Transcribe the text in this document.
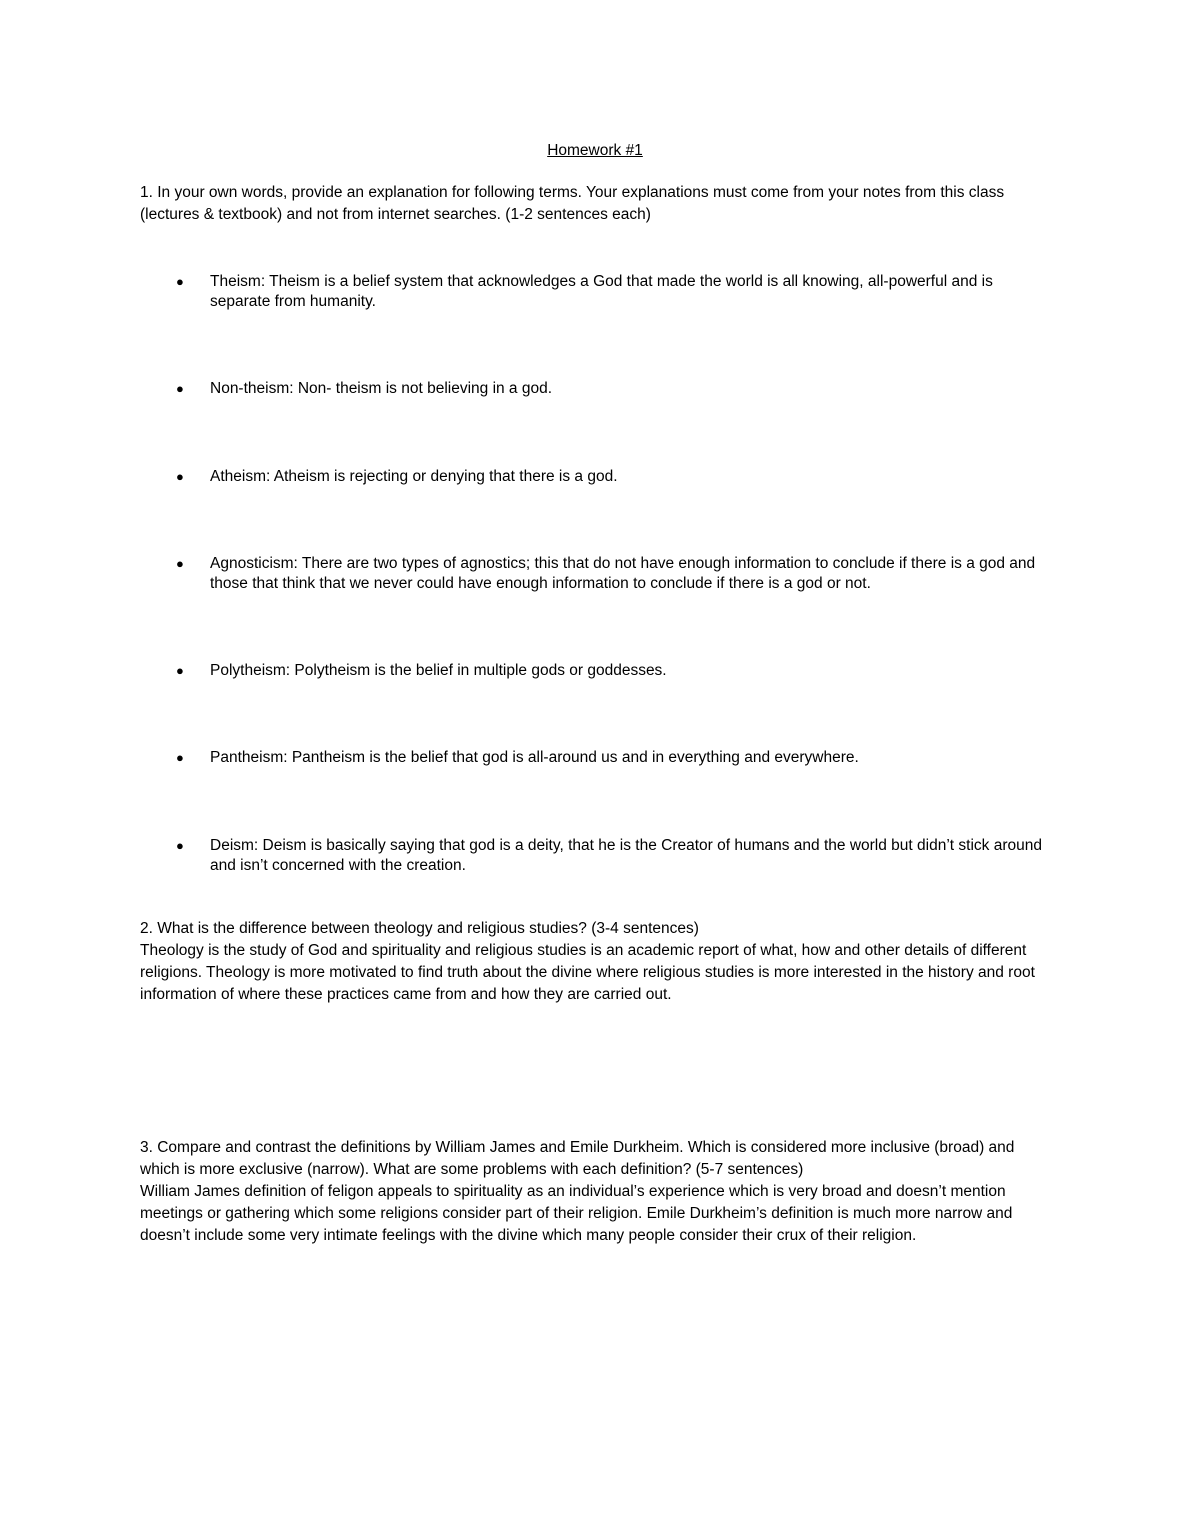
Homework #1

1. In your own words, provide an explanation for following terms. Your explanations must come from your notes from this class (lectures & textbook) and not from internet searches. (1-2 sentences each)

●	Theism: Theism is a belief system that acknowledges a God that made the world is all knowing, all-powerful and is separate from humanity.
●	Non-theism: Non- theism is not believing in a god.
●	Atheism: Atheism is rejecting or denying that there is a god.
●	Agnosticism: There are two types of agnostics; this that do not have enough information to conclude if there is a god and those that think that we never could have enough information to conclude if there is a god or not.
●	Polytheism: Polytheism is the belief in multiple gods or goddesses.
●	Pantheism: Pantheism is the belief that god is all-around us and in everything and everywhere.
●	Deism: Deism is basically saying that god is a deity, that he is the Creator of humans and the world but didn’t stick around and isn’t concerned with the creation.

2. What is the difference between theology and religious studies? (3-4 sentences)

Theology is the study of God and spirituality and religious studies is an academic report of what, how and other details of different religions. Theology is more motivated to find truth about the divine where religious studies is more interested in the history and root information of where these practices came from and how they are carried out.

3. Compare and contrast the definitions by William James and Emile Durkheim. Which is considered more inclusive (broad) and which is more exclusive (narrow). What are some problems with each definition? (5-7 sentences)

William James definition of feligon appeals to spirituality as an individual’s experience which is very broad and doesn’t mention meetings or gathering which some religions consider part of their religion. Emile Durkheim’s definition is much more narrow and doesn’t include some very intimate feelings with the divine which many people consider their crux of their religion.
